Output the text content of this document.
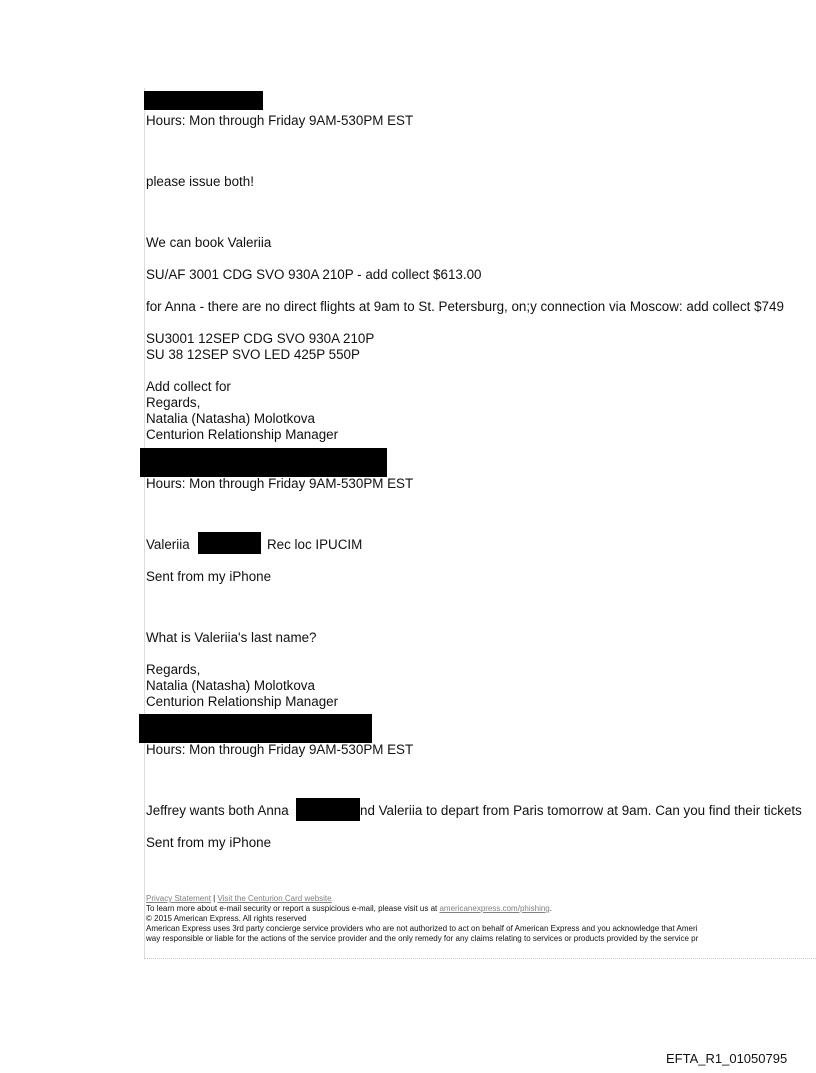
Hours: Mon through Friday 9AM-530PM EST
please issue both!
We can book Valeriia
SU/AF 3001 CDG SVO 930A 210P - add collect $613.00
for Anna - there are no direct flights at 9am to St. Petersburg, on;y connection via Moscow: add collect $749
SU3001 12SEP CDG SVO 930A 210P
SU 38 12SEP SVO LED 425P 550P
Add collect for
Regards,
Natalia (Natasha) Molotkova
Centurion Relationship Manager
Hours: Mon through Friday 9AM-530PM EST
Valeriia	Rec loc IPUCIM
Sent from my iPhone
What is Valeriia's last name?
Regards,
Natalia (Natasha) Molotkova
Centurion Relationship Manager
Hours: Mon through Friday 9AM-530PM EST
Jeffrey wants both Anna	nd Valeriia to depart from Paris tomorrow at 9am. Can you find their tickets
Sent from my iPhone
Privacy Statement | Visit the Centurion Card website
To learn more about e-mail security or report a suspicious e-mail, please visit us at americanexpress.com/phishing.
© 2015 American Express. All rights reserved
American Express uses 3rd party concierge service providers who are not authorized to act on behalf of American Express and you acknowledge that Ameri
way responsible or liable for the actions of the service provider and the only remedy for any claims relating to services or products provided by the service pr
EFTA_R1_01050795
